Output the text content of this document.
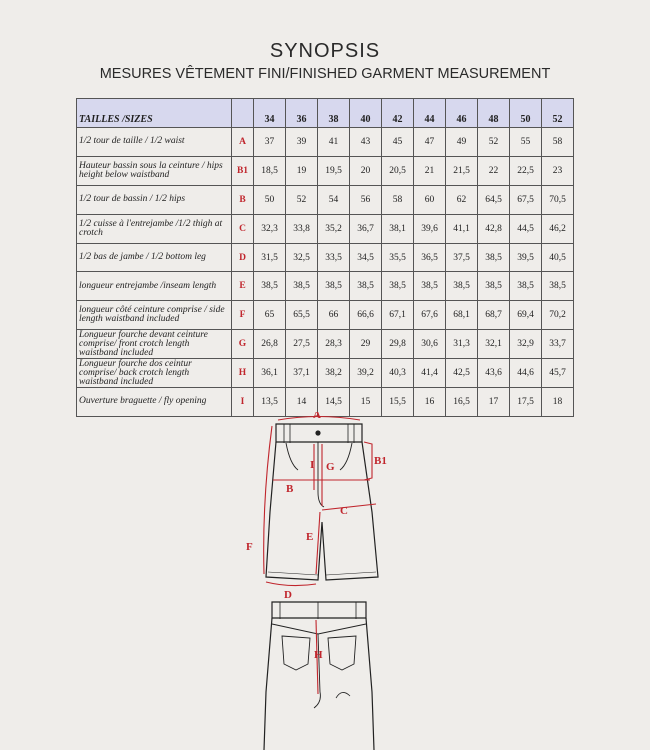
SYNOPSIS
MESURES VÊTEMENT FINI/FINISHED GARMENT MEASUREMENT
TAILLES /SIZES		34	36	38	40	42	44	46	48	50	52
1/2 tour de taille / 1/2 waist	A	37	39	41	43	45	47	49	52	55	58
Hauteur bassin sous la ceinture / hips height below waistband	B1	18,5	19	19,5	20	20,5	21	21,5	22	22,5	23
1/2 tour de bassin / 1/2 hips	B	50	52	54	56	58	60	62	64,5	67,5	70,5
1/2 cuisse à l'entrejambe /1/2 thigh at crotch	C	32,3	33,8	35,2	36,7	38,1	39,6	41,1	42,8	44,5	46,2
1/2 bas de jambe / 1/2 bottom leg	D	31,5	32,5	33,5	34,5	35,5	36,5	37,5	38,5	39,5	40,5
longueur entrejambe /inseam length	E	38,5	38,5	38,5	38,5	38,5	38,5	38,5	38,5	38,5	38,5
longueur côté ceinture comprise / side length waistband included	F	65	65,5	66	66,6	67,1	67,6	68,1	68,7	69,4	70,2
Longueur fourche devant ceinture comprise/ front crotch length waistband included	G	26,8	27,5	28,3	29	29,8	30,6	31,3	32,1	32,9	33,7
Longueur fourche dos ceintur comprise/ back crotch length waistband included	H	36,1	37,1	38,2	39,2	40,3	41,4	42,5	43,6	44,6	45,7
Ouverture braguette / fly opening	I	13,5	14	14,5	15	15,5	16	16,5	17	17,5	18
A
B1
I G
B
C
E
F
D
H
